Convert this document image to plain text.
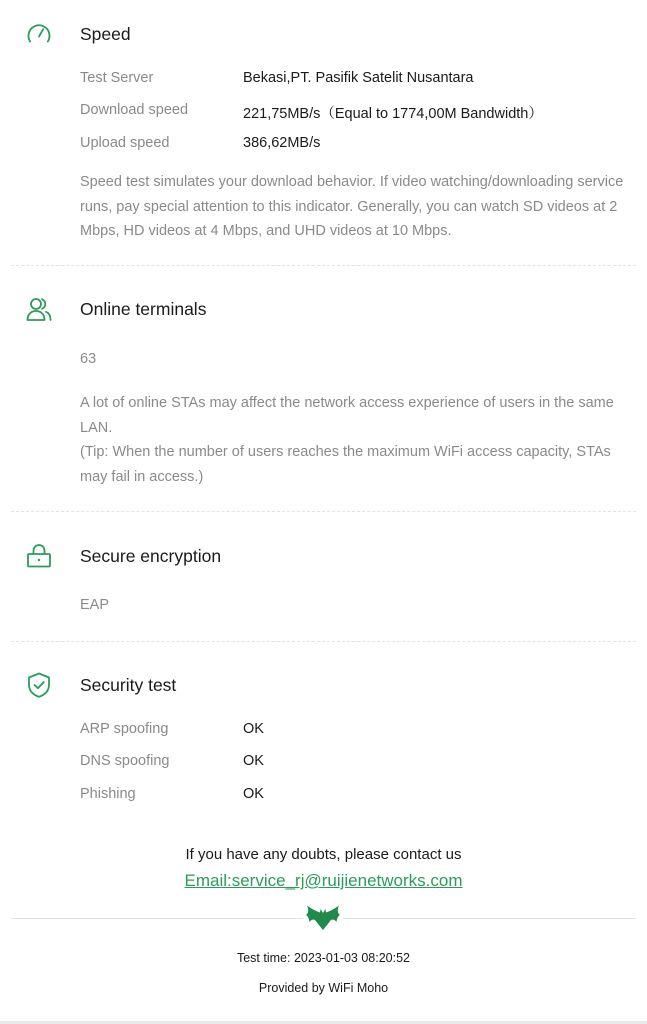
Speed
Test Server	Bekasi,PT. Pasifik Satelit Nusantara
Download speed	221,75MB/s（Equal to 1774,00M Bandwidth）
Upload speed	386,62MB/s

Speed test simulates your download behavior. If video watching/downloading service runs, pay special attention to this indicator. Generally, you can watch SD videos at 2 Mbps, HD videos at 4 Mbps, and UHD videos at 10 Mbps.

Online terminals
63

A lot of online STAs may affect the network access experience of users in the same LAN.

(Tip: When the number of users reaches the maximum WiFi access capacity, STAs may fail in access.)

Secure encryption
EAP
Security test
ARP spoofing	OK
DNS spoofing	OK
Phishing	OK
If you have any doubts, please contact us
Email:service_rj@ruijienetworks.com
Test time: 2023-01-03 08:20:52
Provided by WiFi Moho
